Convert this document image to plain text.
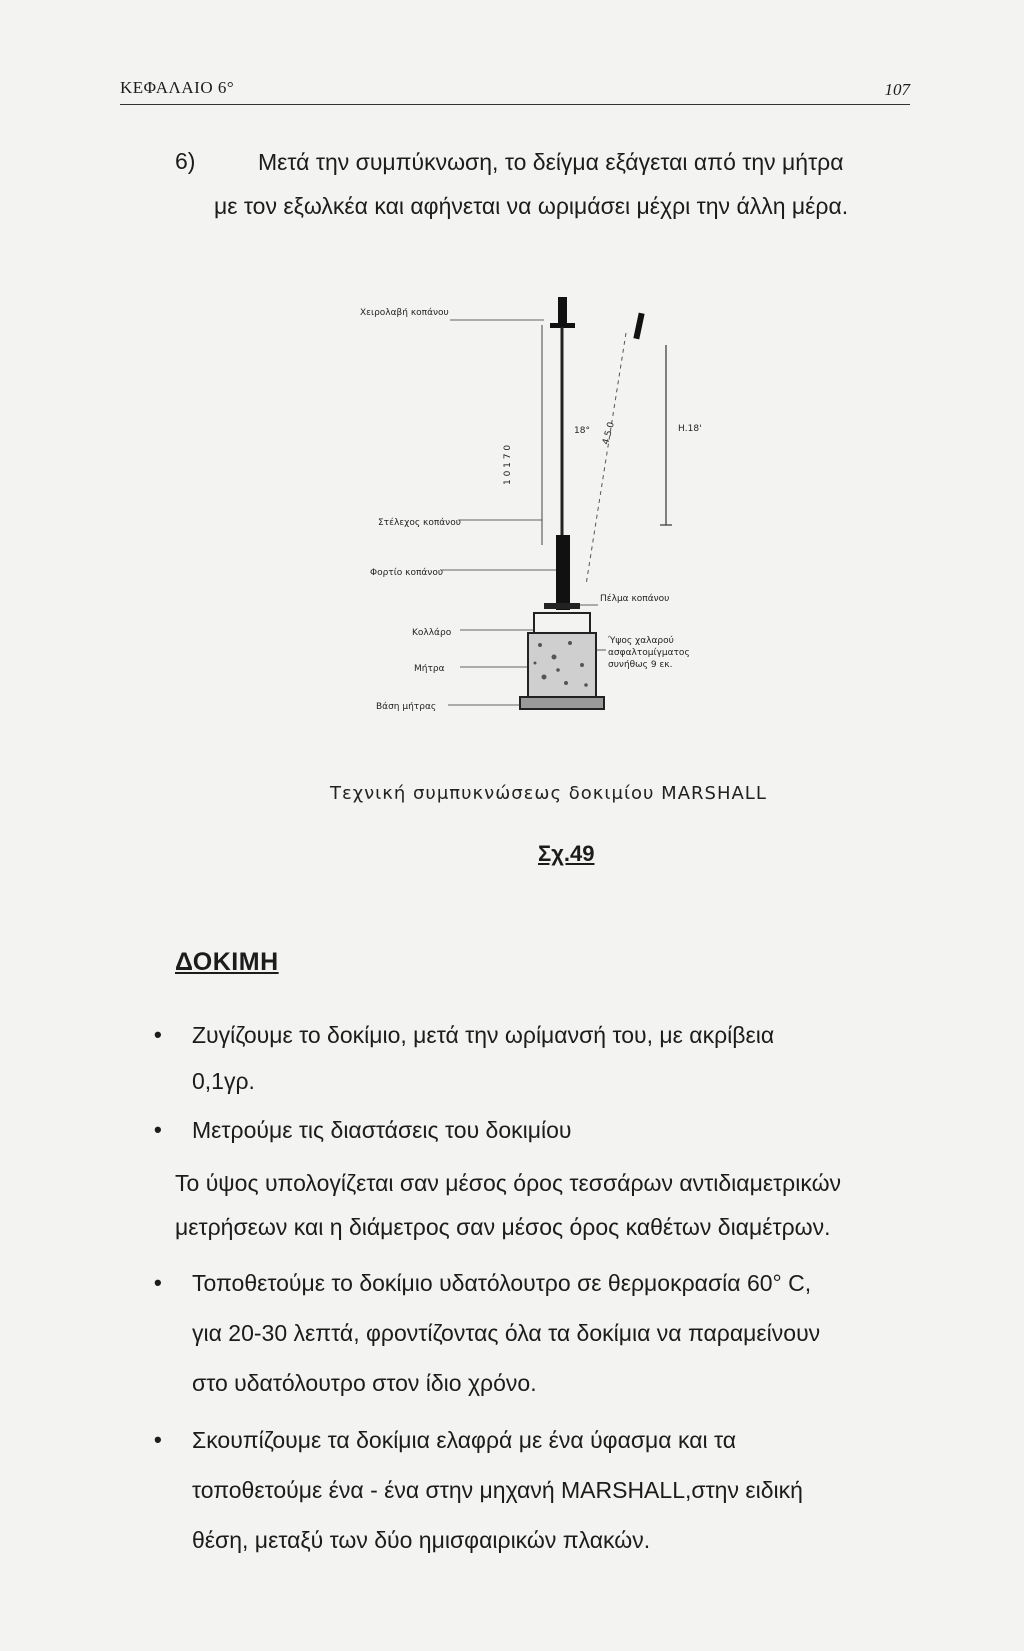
ΚΕΦΑΛΑΙΟ 6°	107
6)	Μετά την συμπύκνωση, το δείγμα εξάγεται από την μήτρα
με τον εξωλκέα και αφήνεται να ωριμάσει μέχρι την άλλη μέρα.
Χειρολαβή κοπάνου
Στέλεχος κοπάνου
Φορτίο κοπάνου
Κολλάρο
Μήτρα
Βάση μήτρας
Πέλμα κοπάνου
Ύψος χαλαρού
ασφαλτομίγματος
συνήθως 9 εκ.
1 0 1 7 0
18°	Η.18'
4 5 0
Τεχνική συμπυκνώσεως δοκιμίου MARSHALL
Σχ.49
ΔΟΚΙΜΗ
• Ζυγίζουμε το δοκίμιο, μετά την ωρίμανσή του, με ακρίβεια
0,1γρ.
• Μετρούμε τις διαστάσεις του δοκιμίου
Το ύψος υπολογίζεται σαν μέσος όρος τεσσάρων αντιδιαμετρικών
μετρήσεων και η διάμετρος σαν μέσος όρος καθέτων διαμέτρων.
• Τοποθετούμε το δοκίμιο υδατόλουτρο σε θερμοκρασία 60° C,
για 20-30 λεπτά, φροντίζοντας όλα τα δοκίμια να παραμείνουν
στο υδατόλουτρο στον ίδιο χρόνο.
• Σκουπίζουμε τα δοκίμια ελαφρά με ένα ύφασμα και τα
τοποθετούμε ένα - ένα στην μηχανή MARSHALL,στην ειδική
θέση, μεταξύ των δύο ημισφαιρικών πλακών.
